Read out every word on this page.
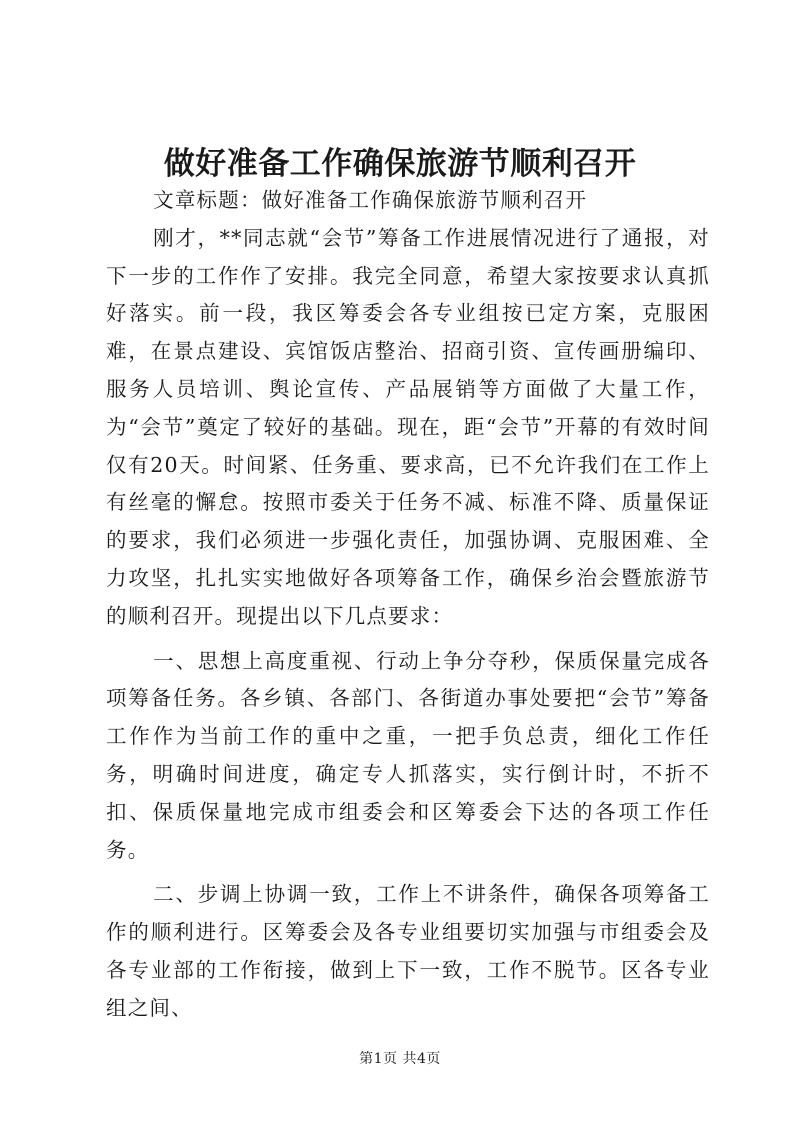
做好准备工作确保旅游节顺利召开

文章标题：做好准备工作确保旅游节顺利召开

刚才，**同志就“会节”筹备工作进展情况进行了通报，对下一步的工作作了安排。我完全同意，希望大家按要求认真抓好落实。前一段，我区筹委会各专业组按已定方案，克服困难，在景点建设、宾馆饭店整治、招商引资、宣传画册编印、服务人员培训、舆论宣传、产品展销等方面做了大量工作，为“会节”奠定了较好的基础。现在，距“会节”开幕的有效时间仅有20天。时间紧、任务重、要求高，已不允许我们在工作上有丝毫的懈怠。按照市委关于任务不减、标准不降、质量保证的要求，我们必须进一步强化责任，加强协调、克服困难、全力攻坚，扎扎实实地做好各项筹备工作，确保乡治会暨旅游节的顺利召开。现提出以下几点要求：

一、思想上高度重视、行动上争分夺秒，保质保量完成各项筹备任务。各乡镇、各部门、各街道办事处要把“会节”筹备工作作为当前工作的重中之重，一把手负总责，细化工作任务，明确时间进度，确定专人抓落实，实行倒计时，不折不扣、保质保量地完成市组委会和区筹委会下达的各项工作任务。

二、步调上协调一致，工作上不讲条件，确保各项筹备工作的顺利进行。区筹委会及各专业组要切实加强与市组委会及各专业部的工作衔接，做到上下一致，工作不脱节。区各专业组之间、

第1页 共4页
